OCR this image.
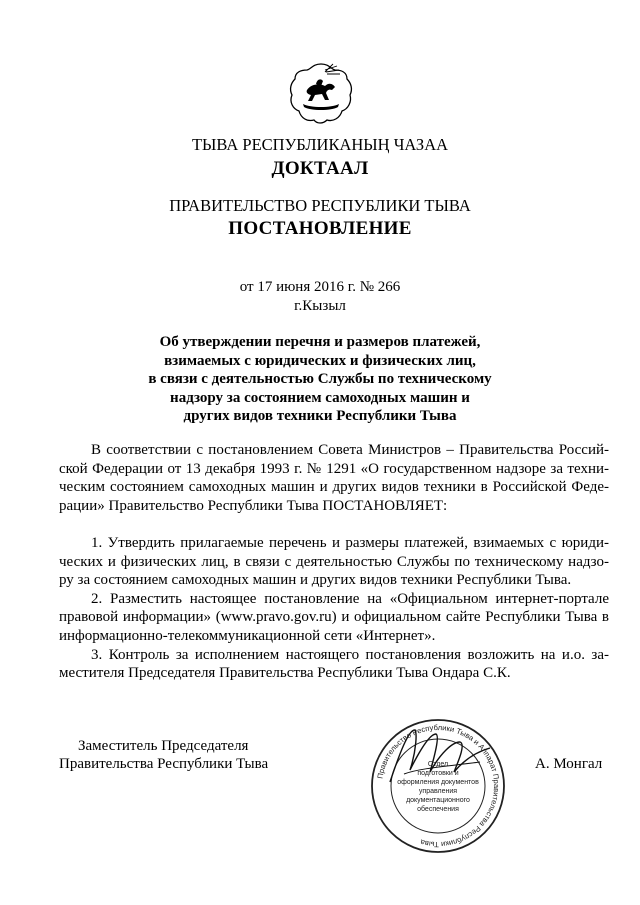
ТЫВА РЕСПУБЛИКАНЫҢ ЧАЗАА
ДОКТААЛ
ПРАВИТЕЛЬСТВО РЕСПУБЛИКИ ТЫВА
ПОСТАНОВЛЕНИЕ
от 17 июня 2016 г. № 266
г.Кызыл
Об утверждении перечня и размеров платежей,
взимаемых с юридических и физических лиц,
в связи с деятельностью Службы по техническому
надзору за состоянием самоходных машин и
других видов техники Республики Тыва
В соответствии с постановлением Совета Министров – Правительства Россий-
ской Федерации от 13 декабря 1993 г. № 1291 «О государственном надзоре за техни-
ческим состоянием самоходных машин и других видов техники в Российской Феде-
рации» Правительство Республики Тыва ПОСТАНОВЛЯЕТ:
1. Утвердить прилагаемые перечень и размеры платежей, взимаемых с юриди-
ческих и физических лиц, в связи с деятельностью Службы по техническому надзо-
ру за состоянием самоходных машин и других видов техники Республики Тыва.
2. Разместить настоящее постановление на «Официальном интернет-портале
правовой информации» (www.pravo.gov.ru) и официальном сайте Республики Тыва в
информационно-телекоммуникационной сети «Интернет».
3. Контроль за исполнением настоящего постановления возложить на и.о. за-
местителя Председателя Правительства Республики Тыва Ондара С.К.
Заместитель Председателя
Правительства Республики Тыва	А. Монгал
Правительство Республики Тыва и Аппарат Правительства Республики Тыва
Отдел
подготовки и
оформления документов
управления
документационного
обеспечения
